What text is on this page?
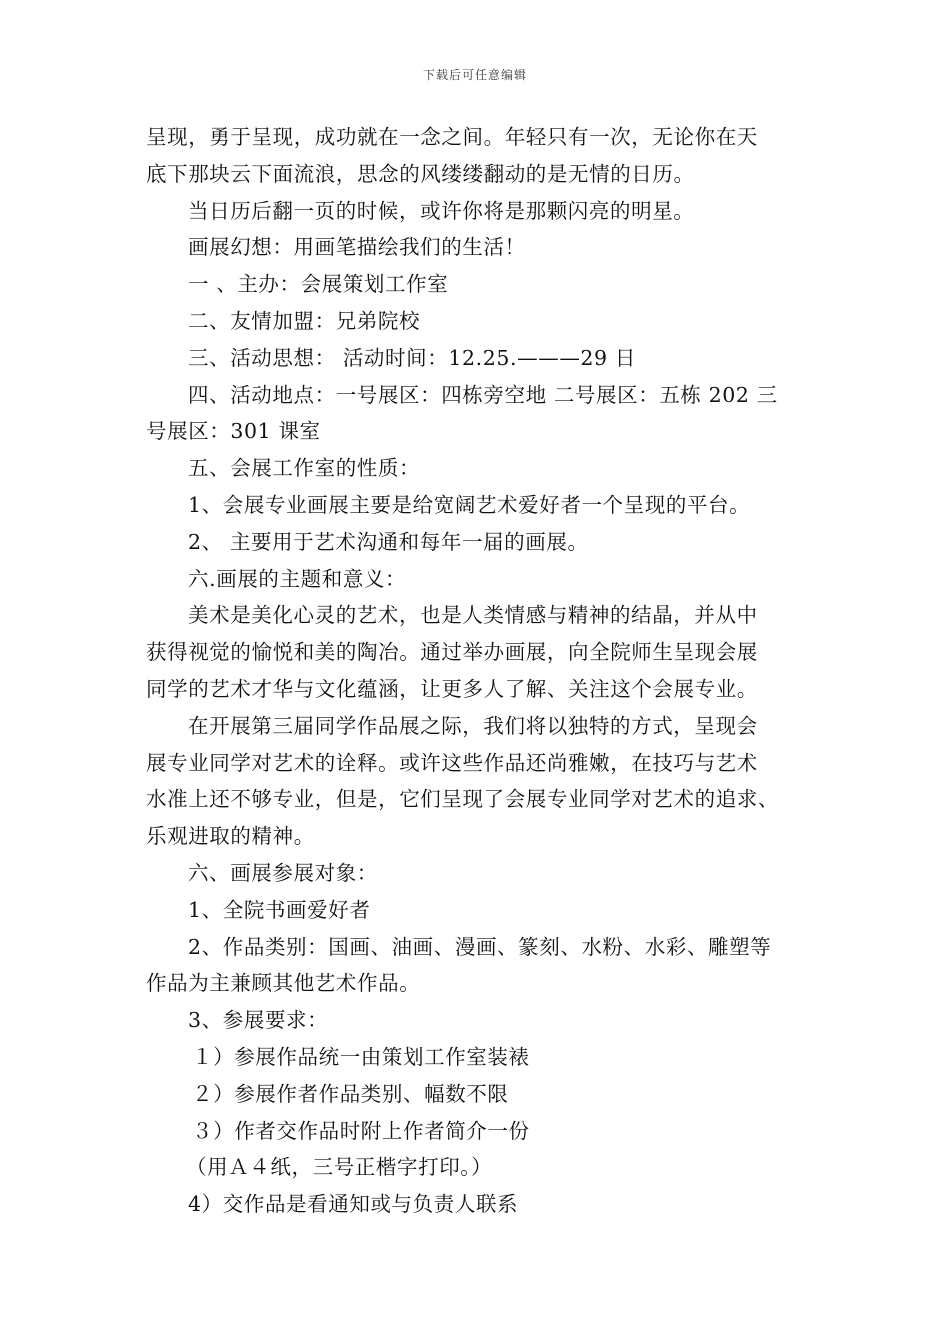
下载后可任意编辑
呈现，勇于呈现，成功就在一念之间。年轻只有一次，无论你在天
底下那块云下面流浪，思念的风缕缕翻动的是无情的日历。
当日历后翻一页的时候，或许你将是那颗闪亮的明星。
画展幻想：用画笔描绘我们的生活！
一 、主办：会展策划工作室
二、友情加盟：兄弟院校
三、活动思想： 活动时间：12.25.———29 日
四、活动地点：一号展区：四栋旁空地 二号展区：五栋 202 三
号展区：301 课室
五、会展工作室的性质：
1、会展专业画展主要是给宽阔艺术爱好者一个呈现的平台。
2、 主要用于艺术沟通和每年一届的画展。
六.画展的主题和意义：
美术是美化心灵的艺术，也是人类情感与精神的结晶，并从中
获得视觉的愉悦和美的陶冶。通过举办画展，向全院师生呈现会展
同学的艺术才华与文化蕴涵，让更多人了解、关注这个会展专业。
在开展第三届同学作品展之际，我们将以独特的方式，呈现会
展专业同学对艺术的诠释。或许这些作品还尚雅嫩，在技巧与艺术
水准上还不够专业，但是，它们呈现了会展专业同学对艺术的追求、
乐观进取的精神。
六、画展参展对象：
1、全院书画爱好者
2、作品类别：国画、油画、漫画、篆刻、水粉、水彩、雕塑等
作品为主兼顾其他艺术作品。
3、参展要求：
１）参展作品统一由策划工作室装裱
２）参展作者作品类别、幅数不限
３）作者交作品时附上作者简介一份
（用Ａ４纸，三号正楷字打印。）
4）交作品是看通知或与负责人联系
